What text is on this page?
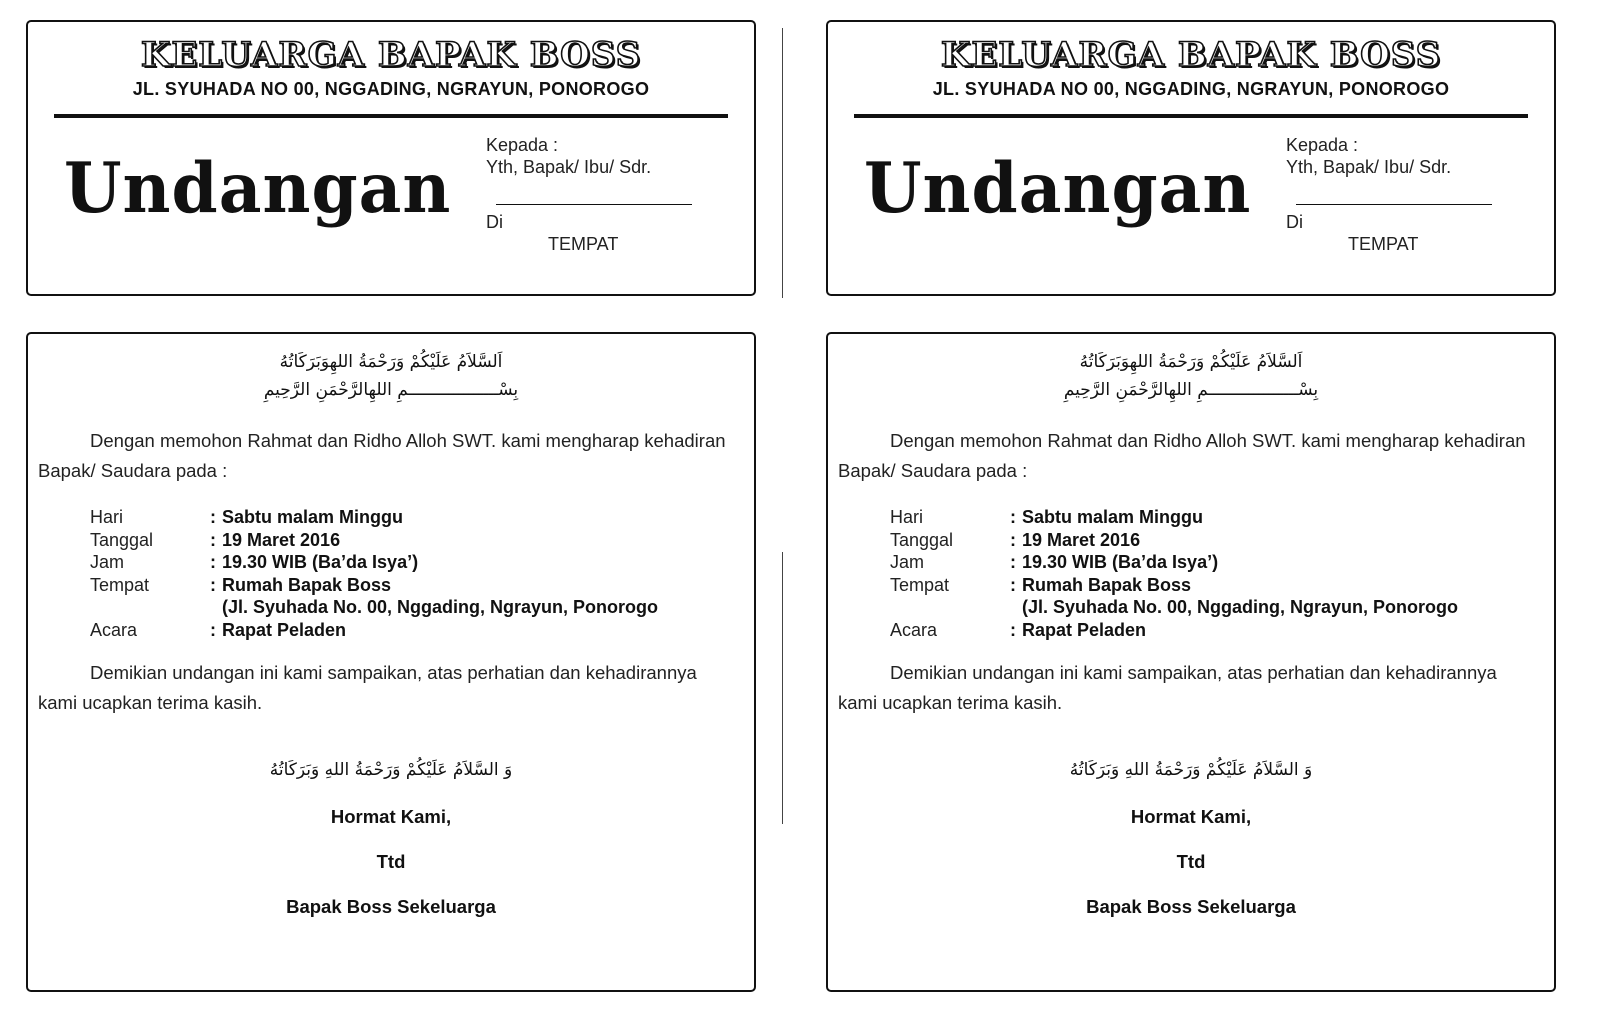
KELUARGA BAPAK BOSS
JL. SYUHADA NO 00, NGGADING, NGRAYUN, PONOROGO
Undangan
Kepada :
Yth, Bapak/ Ibu/ Sdr.
Di
TEMPAT
اَلسَّلاَمُ عَلَيْكُمْ وَرَحْمَةُ اللهِوَبَرَكَاتُهُ
بِسْــــــــــــــــــمِ اللهِالرَّحْمَنِ الرَّحِيمِ
Dengan memohon Rahmat dan Ridho Alloh SWT. kami mengharap kehadiran Bapak/ Saudara pada :
Hari	: Sabtu malam Minggu
Tanggal	: 19 Maret 2016
Jam	: 19.30 WIB (Ba’da Isya’)
Tempat	: Rumah Bapak Boss
(Jl. Syuhada No. 00, Nggading, Ngrayun, Ponorogo
Acara	: Rapat Peladen
Demikian undangan ini kami sampaikan, atas perhatian dan kehadirannya kami ucapkan terima kasih.
وَ السَّلاَمُ عَلَيْكُمْ وَرَحْمَةُ اللهِ وَبَرَكَاتُهُ
Hormat Kami,
Ttd
Bapak Boss Sekeluarga
KELUARGA BAPAK BOSS
JL. SYUHADA NO 00, NGGADING, NGRAYUN, PONOROGO
Undangan
Kepada :
Yth, Bapak/ Ibu/ Sdr.
Di
TEMPAT
اَلسَّلاَمُ عَلَيْكُمْ وَرَحْمَةُ اللهِوَبَرَكَاتُهُ
بِسْــــــــــــــــــمِ اللهِالرَّحْمَنِ الرَّحِيمِ
Dengan memohon Rahmat dan Ridho Alloh SWT. kami mengharap kehadiran Bapak/ Saudara pada :
Hari	: Sabtu malam Minggu
Tanggal	: 19 Maret 2016
Jam	: 19.30 WIB (Ba’da Isya’)
Tempat	: Rumah Bapak Boss
(Jl. Syuhada No. 00, Nggading, Ngrayun, Ponorogo
Acara	: Rapat Peladen
Demikian undangan ini kami sampaikan, atas perhatian dan kehadirannya kami ucapkan terima kasih.
وَ السَّلاَمُ عَلَيْكُمْ وَرَحْمَةُ اللهِ وَبَرَكَاتُهُ
Hormat Kami,
Ttd
Bapak Boss Sekeluarga
